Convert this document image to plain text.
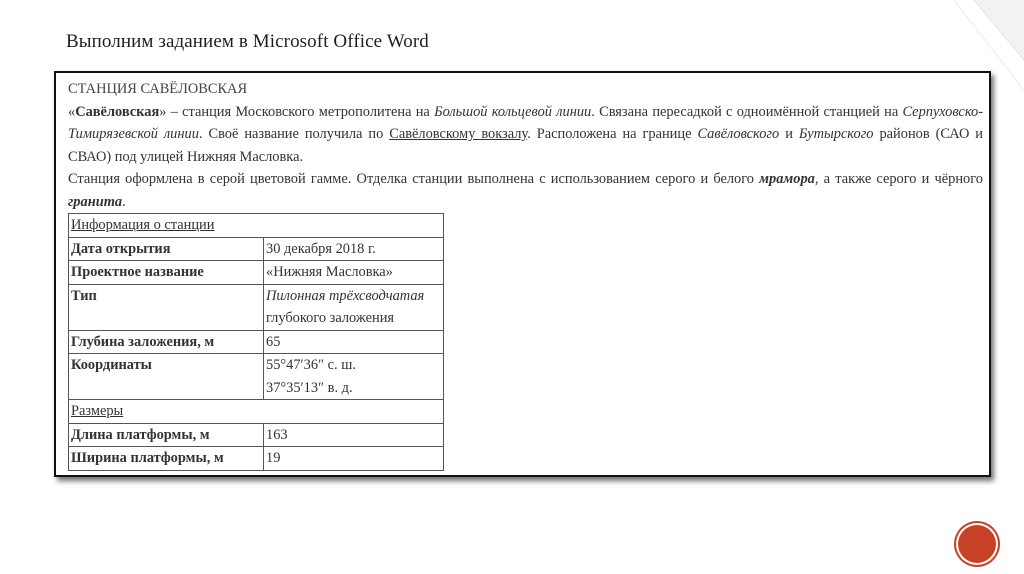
Выполним заданием в Microsoft Office Word
СТАНЦИЯ САВЁЛОВСКАЯ

«Савёловская» – станция Московского метрополитена на Большой кольцевой линии. Связана пересадкой с одноимённой станцией на Серпуховско-Тимирязевской линии. Своё название получила по Савёловскому вокзалу. Расположена на границе Савёловского и Бутырского районов (САО и СВАО) под улицей Нижняя Масловка.

Станция оформлена в серой цветовой гамме. Отделка станции выполнена с использованием серого и белого мрамора, а также серого и чёрного гранита.

Информация о станции	
Дата открытия	30 декабря 2018 г.
Проектное название	«Нижняя Масловка»
Тип	Пилонная трёхсводчатая
глубокого заложения
Глубина заложения, м	65
Координаты	55°47′36″ с. ш.
37°35′13″ в. д.
Размеры	
Длина платформы, м	163
Ширина платформы, м	19
